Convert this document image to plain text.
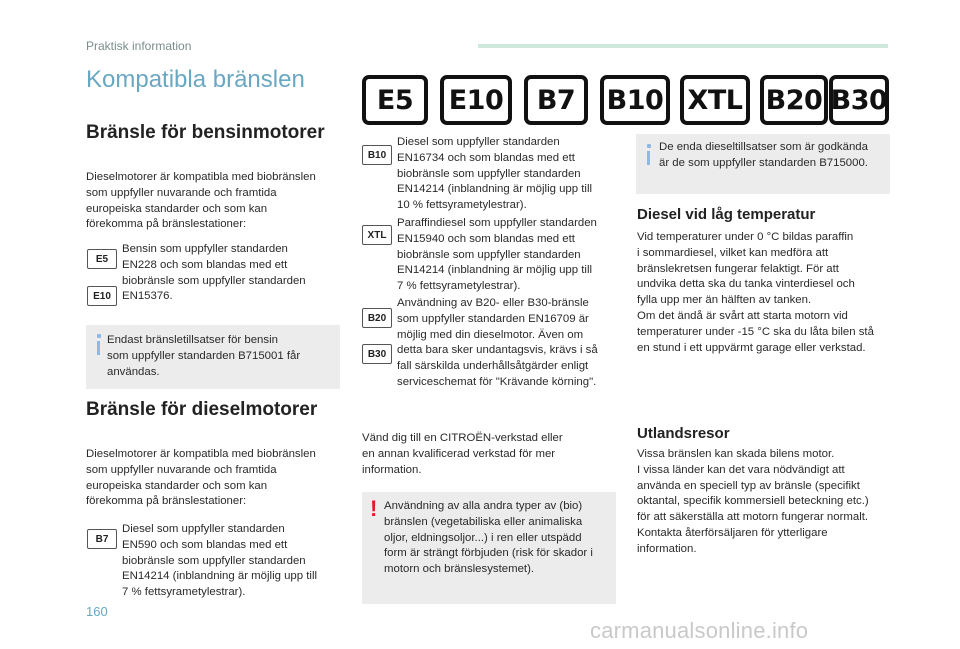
Praktisk information
Kompatibla bränslen
E5	E10	B7	B10 XTL B20 B30
Bränsle för bensinmotorer
Dieselmotorer är kompatibla med biobränslen
som uppfyller nuvarande och framtida
europeiska standarder och som kan
förekomma på bränslestationer:
E5
E10
Bensin som uppfyller standarden
EN228 och som blandas med ett
biobränsle som uppfyller standarden
EN15376.
Endast bränsletillsatser för bensin
som uppfyller standarden B715001 får
användas.
Bränsle för dieselmotorer
Dieselmotorer är kompatibla med biobränslen
som uppfyller nuvarande och framtida
europeiska standarder och som kan
förekomma på bränslestationer:
B7
Diesel som uppfyller standarden
EN590 och som blandas med ett
biobränsle som uppfyller standarden
EN14214 (inblandning är möjlig upp till
7 % fettsyrametylestrar).
B10
Diesel som uppfyller standarden
EN16734 och som blandas med ett
biobränsle som uppfyller standarden
EN14214 (inblandning är möjlig upp till
10 % fettsyrametylestrar).
XTL
Paraffindiesel som uppfyller standarden
EN15940 och som blandas med ett
biobränsle som uppfyller standarden
EN14214 (inblandning är möjlig upp till
7 % fettsyrametylestrar).
B20
B30
Användning av B20- eller B30-bränsle
som uppfyller standarden EN16709 är
möjlig med din dieselmotor. Även om
detta bara sker undantagsvis, krävs i så
fall särskilda underhållsåtgärder enligt
serviceschemat för "Krävande körning".
Vänd dig till en CITROËN-verkstad eller
en annan kvalificerad verkstad för mer
information.
! Användning av alla andra typer av (bio)
bränslen (vegetabiliska eller animaliska
oljor, eldningsoljor...) i ren eller utspädd
form är strängt förbjuden (risk för skador i
motorn och bränslesystemet).
De enda dieseltillsatser som är godkända
är de som uppfyller standarden B715000.
Diesel vid låg temperatur
Vid temperaturer under 0 °C bildas paraffin
i sommardiesel, vilket kan medföra att
bränslekretsen fungerar felaktigt. För att
undvika detta ska du tanka vinterdiesel och
fylla upp mer än hälften av tanken.
Om det ändå är svårt att starta motorn vid
temperaturer under -15 °C ska du låta bilen stå
en stund i ett uppvärmt garage eller verkstad.
Utlandsresor
Vissa bränslen kan skada bilens motor.
I vissa länder kan det vara nödvändigt att
använda en speciell typ av bränsle (specifikt
oktantal, specifik kommersiell beteckning etc.)
för att säkerställa att motorn fungerar normalt.
Kontakta återförsäljaren för ytterligare
information.
160
carmanualsonline.info
